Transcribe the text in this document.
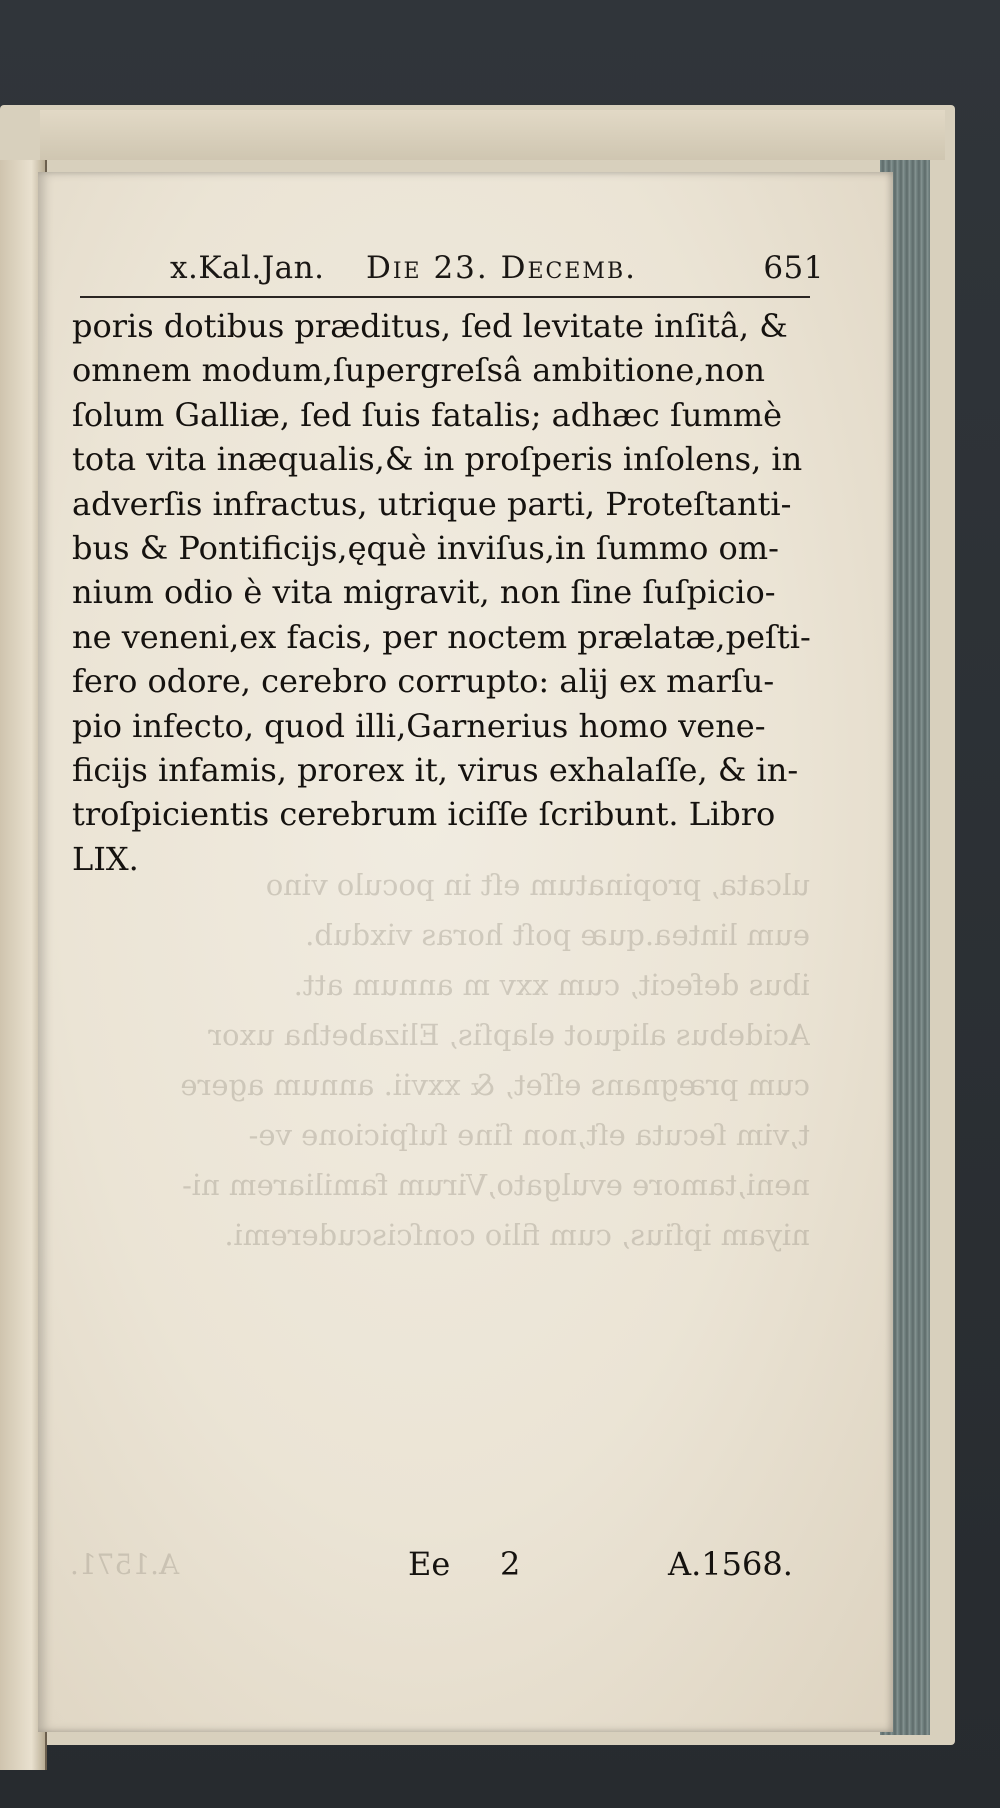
ulcata, propinatum eſt in poculo vino
eum lintea.quæ poſt horas vixdub.
ibus defecit, cum xxv m annum att.
Acidebus aliquot elapſis, Elizabetha uxor
cum prægnans eſſet, & xxvii. annum agere
t,vim ſecuta eſt,non ſine ſuſpicione ve-
neni,tamore evulgato,Virum familiarem ni-
niyam ipſius, cum filio conſciscuderemi.
A.1571.
x.Kal.Jan. Die 23. Decemb.	651
poris dotibus præditus, ſed levitate inſitâ, &
omnem modum,ſupergreſsâ ambitione,non
ſolum Galliæ, ſed ſuis fatalis; adhæc ſummè
tota vita inæqualis,& in proſperis inſolens, in
adverſis infractus, utrique parti, Proteſtanti-
bus & Pontificijs,ęquè inviſus,in ſummo om-
nium odio è vita migravit, non ſine ſuſpicio-
ne veneni,ex facis, per noctem prælatæ,peſti-
fero odore, cerebro corrupto: alij ex marſu-
pio infecto, quod illi,Garnerius homo vene-
ficijs infamis, prorex it, virus exhalaſſe, & in-
troſpicientis cerebrum iciſſe ſcribunt. Libro
LIX.
Ee 2	A.1568.
